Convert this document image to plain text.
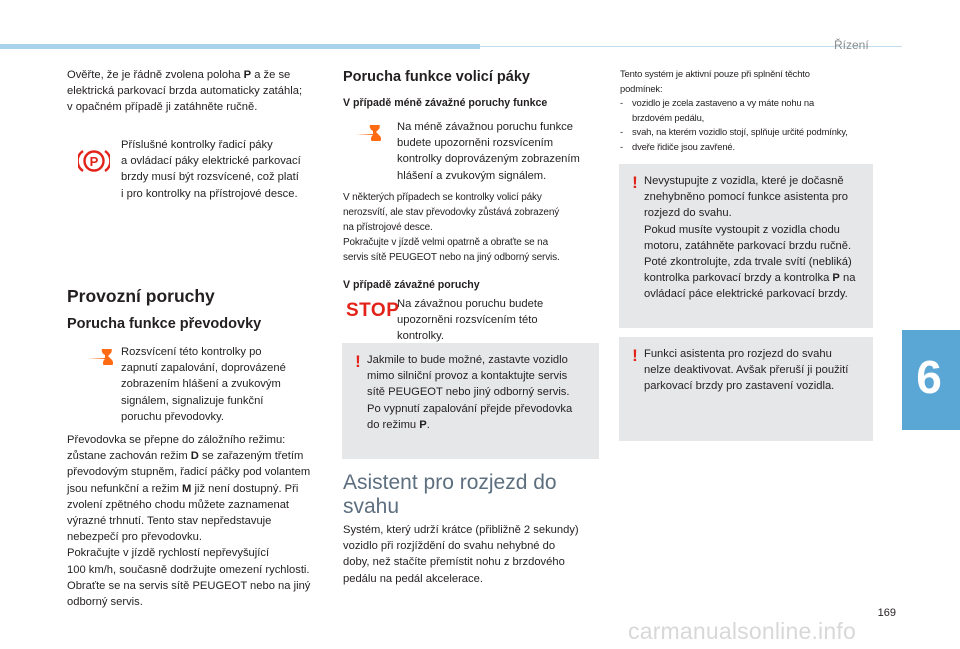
Řízení
6
Ověřte, že je řádně zvolena poloha P a že se
elektrická parkovací brzda automaticky zatáhla;
v opačném případě ji zatáhněte ručně.
P
Příslušné kontrolky řadicí páky
a ovládací páky elektrické parkovací
brzdy musí být rozsvícené, což platí
i pro kontrolky na přístrojové desce.
Provozní poruchy
Porucha funkce převodovky
Rozsvícení této kontrolky po
zapnutí zapalování, doprovázené
zobrazením hlášení a zvukovým
signálem, signalizuje funkční
poruchu převodovky.
Převodovka se přepne do záložního režimu:
zůstane zachován režim D se zařazeným třetím
převodovým stupněm, řadicí páčky pod volantem
jsou nefunkční a režim M již není dostupný. Při
zvolení zpětného chodu můžete zaznamenat
výrazné trhnutí. Tento stav nepředstavuje
nebezpečí pro převodovku.
Pokračujte v jízdě rychlostí nepřevyšující
100 km/h, současně dodržujte omezení rychlosti.
Obraťte se na servis sítě PEUGEOT nebo na jiný
odborný servis.
Porucha funkce volicí páky
V případě méně závažné poruchy funkce
Na méně závažnou poruchu funkce
budete upozorněni rozsvícením
kontrolky doprovázeným zobrazením
hlášení a zvukovým signálem.
V některých případech se kontrolky volicí páky
nerozsvítí, ale stav převodovky zůstává zobrazený
na přístrojové desce.
Pokračujte v jízdě velmi opatrně a obraťte se na
servis sítě PEUGEOT nebo na jiný odborný servis.
V případě závažné poruchy
STOP
Na závažnou poruchu budete
upozorněni rozsvícením této
kontrolky.
! Jakmile to bude možné, zastavte vozidlo
mimo silniční provoz a kontaktujte servis
sítě PEUGEOT nebo jiný odborný servis.
Po vypnutí zapalování přejde převodovka
do režimu P.
Asistent pro rozjezd do
svahu
Systém, který udrží krátce (přibližně 2 sekundy)
vozidlo při rozjíždění do svahu nehybné do
doby, než stačíte přemístit nohu z brzdového
pedálu na pedál akcelerace.
Tento systém je aktivní pouze při splnění těchto
podmínek:
- vozidlo je zcela zastaveno a vy máte nohu na
brzdovém pedálu,
- svah, na kterém vozidlo stojí, splňuje určité podmínky,
- dveře řidiče jsou zavřené.
! Nevystupujte z vozidla, které je dočasně
znehybněno pomocí funkce asistenta pro
rozjezd do svahu.
Pokud musíte vystoupit z vozidla chodu
motoru, zatáhněte parkovací brzdu ručně.
Poté zkontrolujte, zda trvale svítí (nebliká)
kontrolka parkovací brzdy a kontrolka P na
ovládací páce elektrické parkovací brzdy.
! Funkci asistenta pro rozjezd do svahu
nelze deaktivovat. Avšak přeruší ji použití
parkovací brzdy pro zastavení vozidla.
169
carmanualsonline.info
